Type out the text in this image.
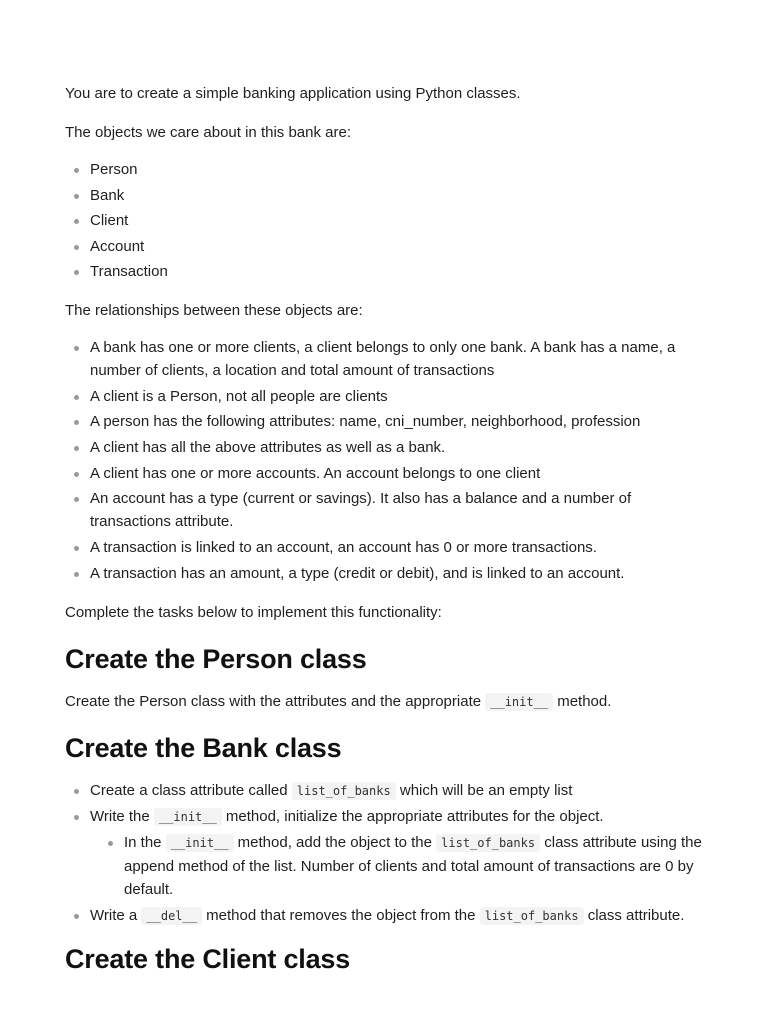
You are to create a simple banking application using Python classes.

The objects we care about in this bank are:

Person
Bank
Client
Account
Transaction

The relationships between these objects are:

A bank has one or more clients, a client belongs to only one bank. A bank has a name, a number of clients, a location and total amount of transactions
A client is a Person, not all people are clients
A person has the following attributes: name, cni_number, neighborhood, profession
A client has all the above attributes as well as a bank.
A client has one or more accounts. An account belongs to one client
An account has a type (current or savings). It also has a balance and a number of transactions attribute.
A transaction is linked to an account, an account has 0 or more transactions.
A transaction has an amount, a type (credit or debit), and is linked to an account.

Complete the tasks below to implement this functionality:

Create the Person class

Create the Person class with the attributes and the appropriate __init__ method.

Create the Bank class
Create a class attribute called list_of_banks which will be an empty list
Write the __init__ method, initialize the appropriate attributes for the object.
In the __init__ method, add the object to the list_of_banks class attribute using the append method of the list. Number of clients and total amount of transactions are 0 by default.
Write a __del__ method that removes the object from the list_of_banks class attribute.
Create the Client class
